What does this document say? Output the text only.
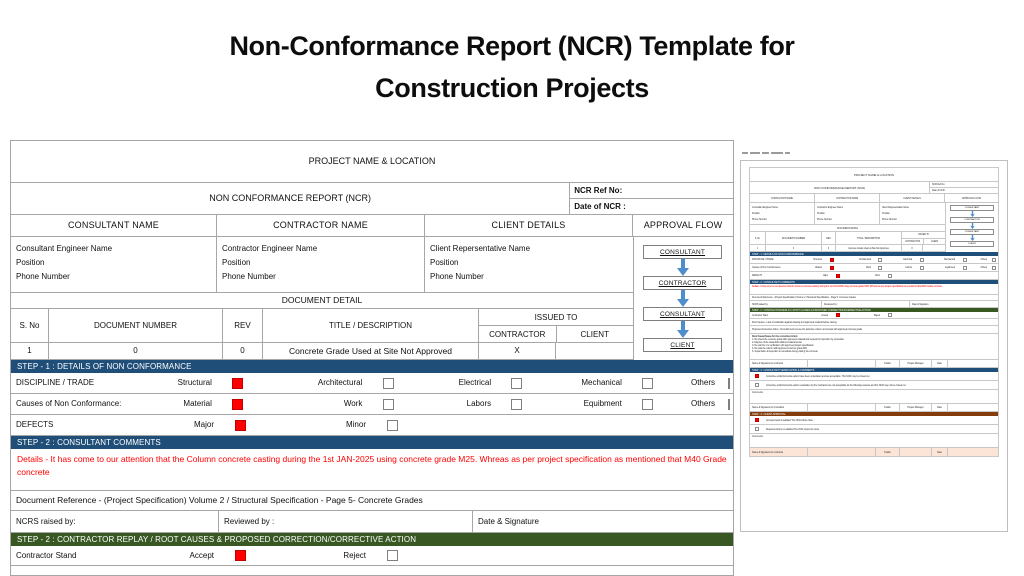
Non-Conformance Report (NCR) Template for
Construction Projects
PROJECT NAME & LOCATION
NON CONFORMANCE REPORT (NCR)
NCR Ref No:
Date of NCR :
CONSULTANT NAME	CONTRACTOR NAME	CLIENT DETAILS	APPROVAL FLOW
Consultant Engineer Name
Position
Phone Number
Contractor Engineer Name
Position
Phone Number
Client Repersentative Name
Position
Phone Number
DOCUMENT DETAIL
S. No	DOCUMENT NUMBER	REV	TITLE / DESCRIPTION
ISSUED TO
CONTRACTOR	CLIENT
1	0	0	Concrete Grade Used at Site Not Approved	X
CONSULTANT
CONTRACTOR
CONSULTANT
CLIENT
STEP - 1 : DETAILS OF NON CONFORMANCE
DISCIPLINE / TRADE	Structural	Architectural	Electrical	Mechanical	Others
Causes of Non Conformance:	Material	Work	Labors	Equibment	Others
DEFECTS	Major	Minor
STEP - 2 : CONSULTANT COMMENTS
Details - It has come to our attention that the Column concrete casting during the 1st JAN-2025 using concrete grade M25. Whreas as per project specification as mentioned that M40 Grade concrete
Document Reference - (Project Specification) Volume 2 / Structural Specification - Page 5- Concrete Grades
NCRS raised by:	Reviewed by :	Date & Signature
STEP - 2 : CONTRACTOR REPLAY / ROOT CAUSES & PROPOSED CORRECTION/CORRECTIVE ACTION
Contractor Stand	Accept	Reject
PROJECT NAME & LOCATION
NON CONFORMANCE REPORT (NCR)
NCR Ref No:
Date of NCR :
CONSULTANT NAME	CONTRACTOR NAME	CLIENT DETAILS	APPROVAL FLOW
Consultant Engineer Name
Position
Phone Number
Contractor Engineer Name
Position
Phone Number
Client Repersentative Name
Position
Phone Number
DOCUMENT DETAIL
S. No	DOCUMENT NUMBER	REV	TITLE / DESCRIPTION
ISSUED TO
CONTRACTOR	CLIENT
1	0	0	Concrete Grade Used at Site Not Approved	X
CONSULTANT
CONTRACTOR
CONSULTANT
CLIENT
STEP - 1 : DETAILS OF NON CONFORMANCE
DISCIPLINE / TRADE	Structural	Architectural	Electrical	Mechanical	Others
Causes of Non Conformance:	Material	Work	Labors	Equibment	Others
DEFECTS	Major	Minor
STEP - 2 : CONSULTANT COMMENTS
Details - It has come to our attention that the Column concrete casting during the 1st JAN-2025 using concrete grade M25. Whreas as per project specification as mentioned that M40 Grade concrete
Document Reference - (Project Specification) Volume 2 / Structural Specification - Page 5- Concrete Grades
NCRS raised by:	Reviewed by :	Date & Signature
STEP - 2 : CONTRACTOR REPLAY / ROOT CAUSES & PROPOSED CORRECTION/CORRECTIVE ACTION
Contractor Stand	Accept	Reject
Root Causes - Lack of verification against drawing and approved material before casting
Proposed Correction Action - Demolish and remove the defective column and recast with approved concrete grade
Root Cause/Cause for the corrective Action:
1- Re-check the concrete grade with approved material and request for inspection by consultant
2- Dispose of the casted/demolished material at site
3- Re-visit the mix verification with approved project specification
4- Re-cast the column with approved concrete grade M40
5- Supervision & inspection to consultant during casting the concrete
Name & Signature for contractor	Position	Project Manager	Date
STEP - 3 : CONSULTANT VERIFICATION & COMMENTS
Corrective works/Corrective action have been undertaken and are acceptable. This NCR may be closed out.
Corrective works/Corrective action undertaken by the Contractor are not acceptable for the following reasons and this NCR may not be closed out.
Comments:
Name & Signature for Consultant	Position	Project Manager	Date
STEP - 4 : CLIENT APPROVAL
Accepted work is satisfied The NCR will be close
Rejected work is un-satisfied The NCR cannot be close
Comments:
Name & Signature for contractor	Position	Date
